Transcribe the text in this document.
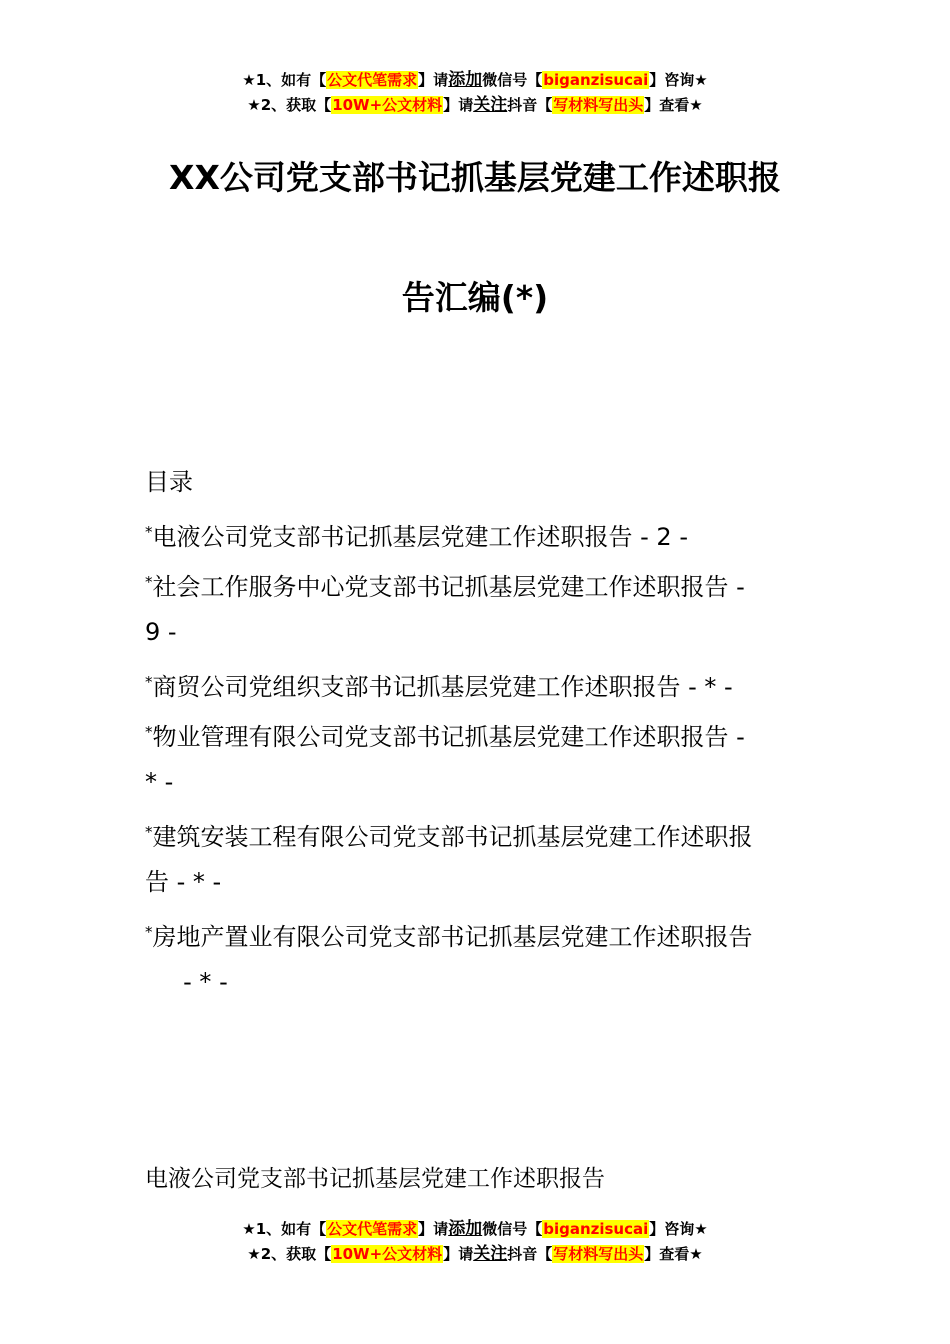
★1、如有【公文代笔需求】请添加微信号【biganzisucai】咨询★
★2、获取【10W+公文材料】请关注抖音【写材料写出头】查看★
XX公司党支部书记抓基层党建工作述职报
告汇编(*)
目录
*电液公司党支部书记抓基层党建工作述职报告 - 2 -
*社会工作服务中心党支部书记抓基层党建工作述职报告 -
9 -
*商贸公司党组织支部书记抓基层党建工作述职报告 - * -
*物业管理有限公司党支部书记抓基层党建工作述职报告 -
* -
*建筑安装工程有限公司党支部书记抓基层党建工作述职报
告 - * -
*房地产置业有限公司党支部书记抓基层党建工作述职报告
- * -
电液公司党支部书记抓基层党建工作述职报告
★1、如有【公文代笔需求】请添加微信号【biganzisucai】咨询★
★2、获取【10W+公文材料】请关注抖音【写材料写出头】查看★
